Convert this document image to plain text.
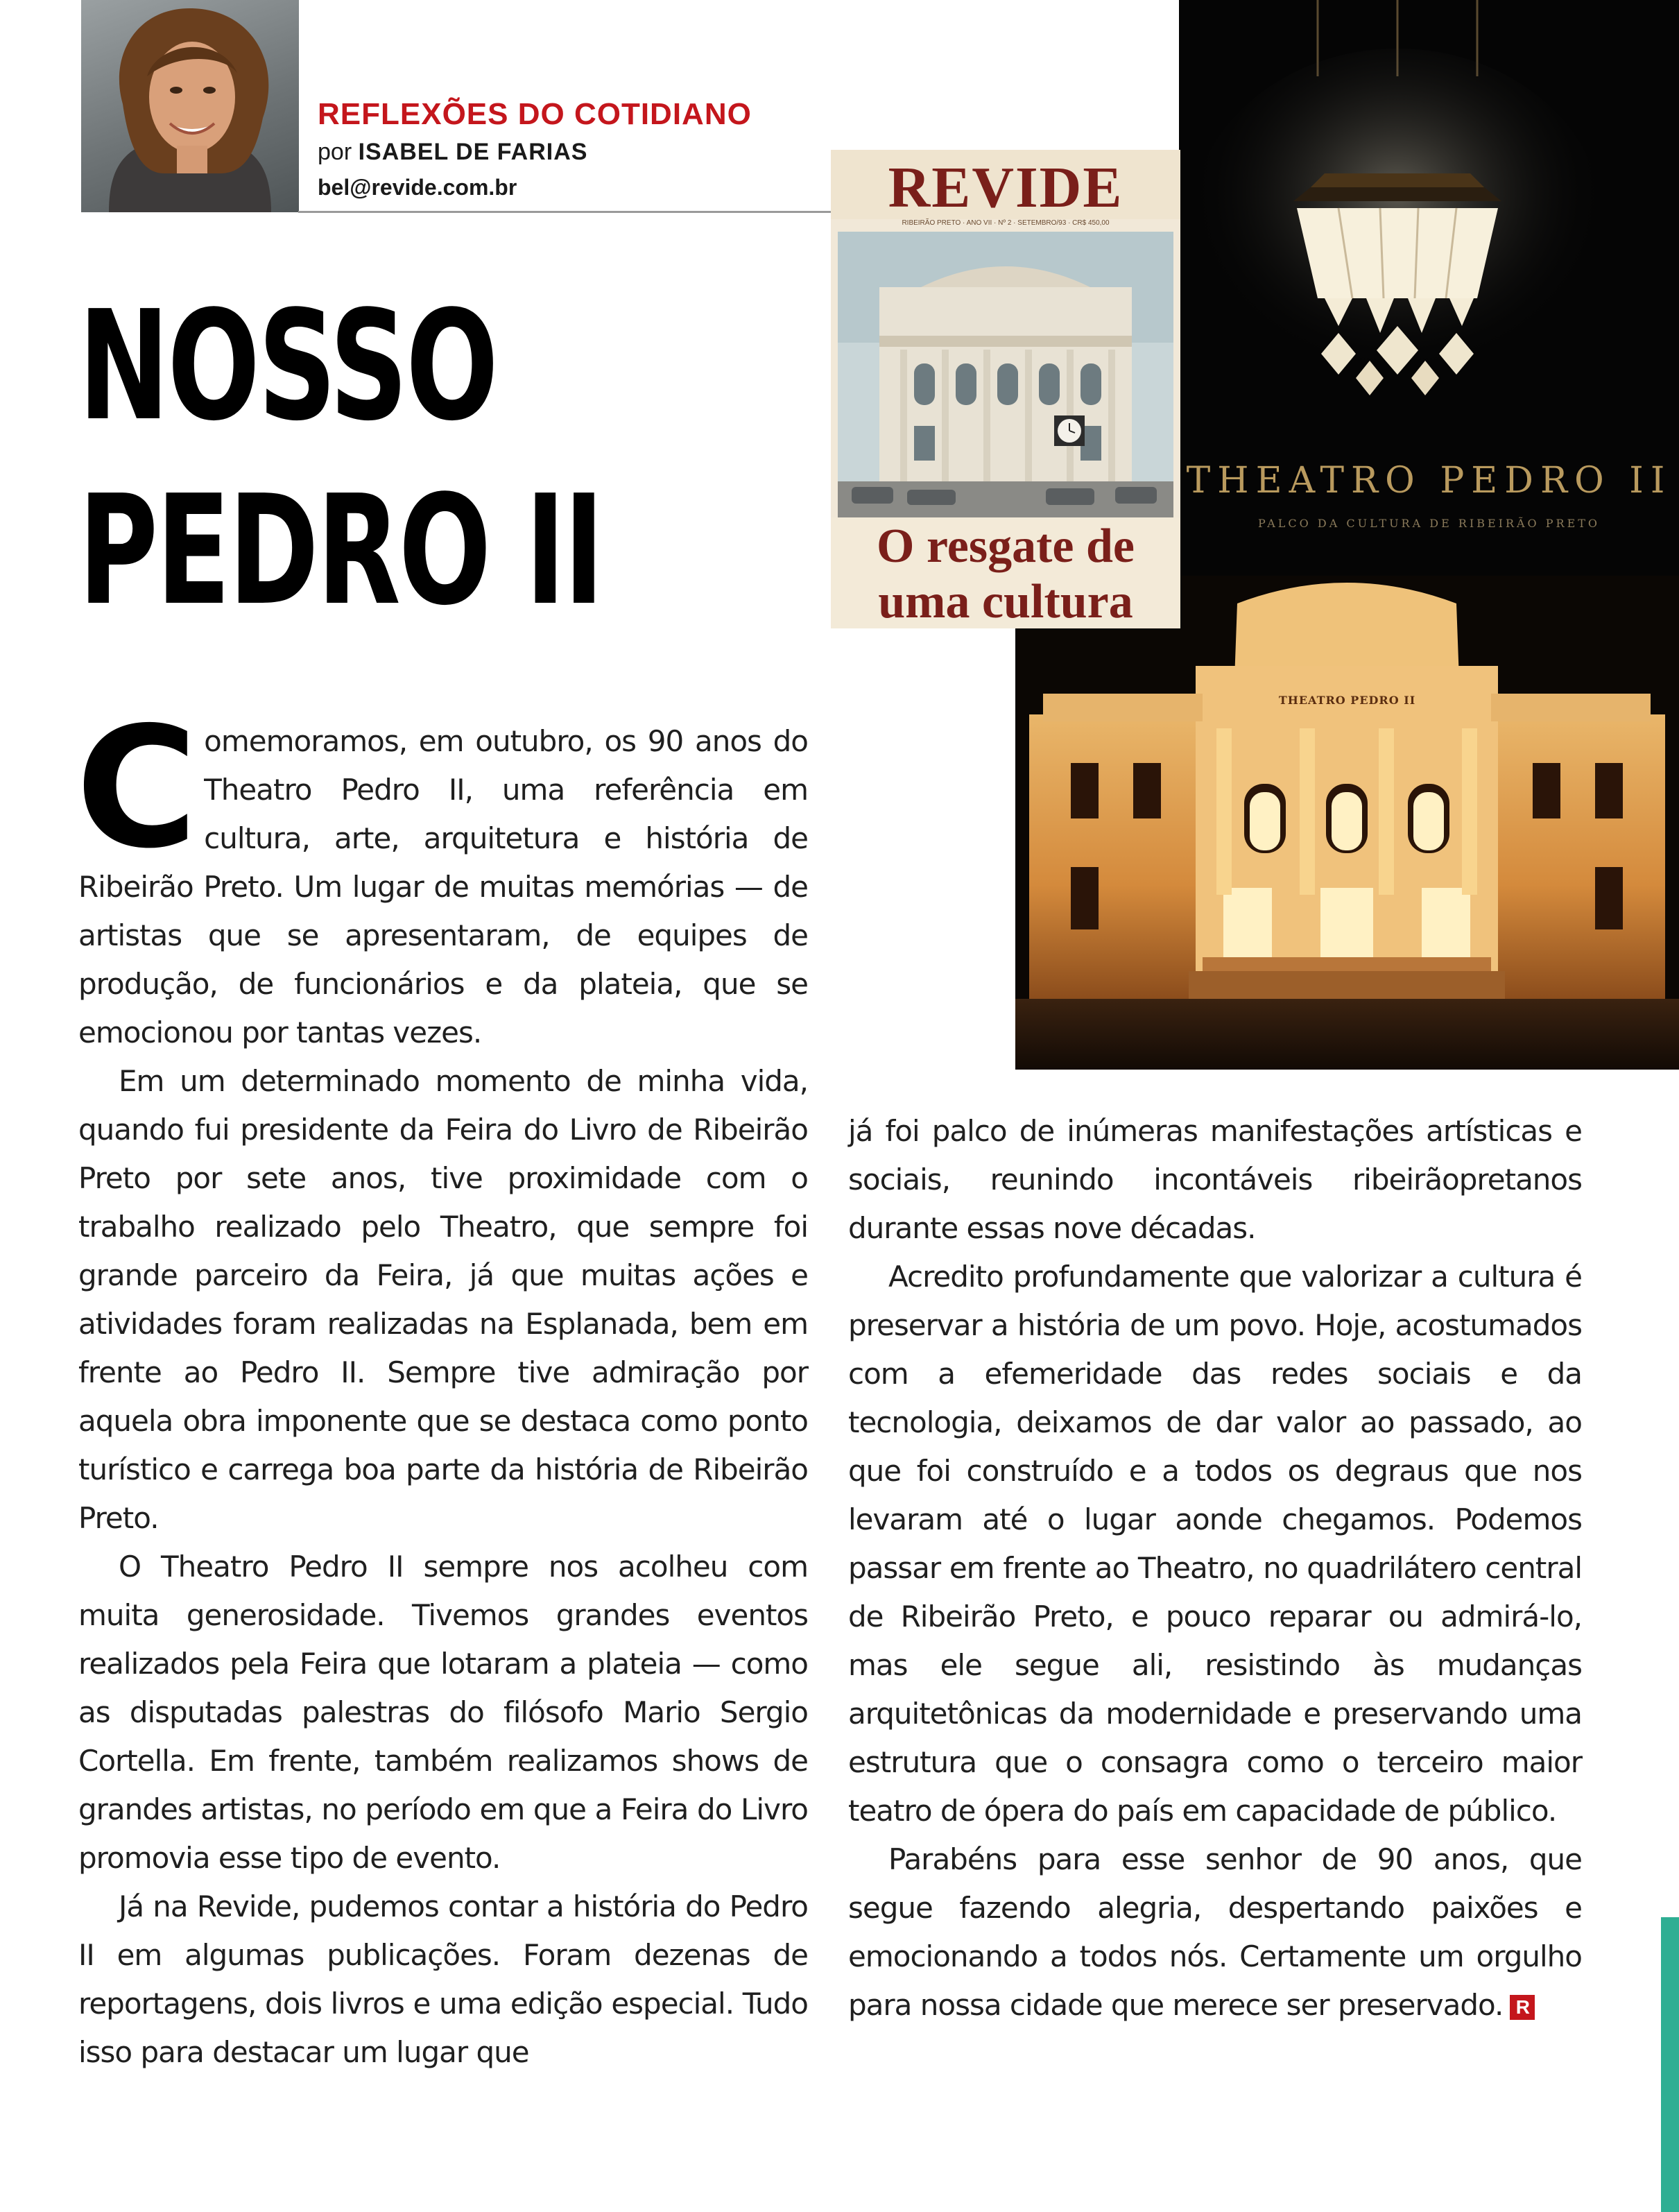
REFLEXÕES DO COTIDIANO
por ISABEL DE FARIAS
bel@revide.com.br
NOSSO
PEDRO II

Comemoramos, em outubro, os 90 anos do Theatro Pedro II, uma referência em cultura, arte, arquitetura e história de Ribeirão Preto. Um lugar de muitas memórias — de artistas que se apresentaram, de equipes de produção, de funcionários e da plateia, que se emocionou por tantas vezes.

Em um determinado momento de minha vida, quando fui presidente da Feira do Livro de Ribeirão Preto por sete anos, tive proximidade com o trabalho realizado pelo Theatro, que sempre foi grande parceiro da Feira, já que muitas ações e atividades foram realizadas na Esplanada, bem em frente ao Pedro II. Sempre tive admiração por aquela obra imponente que se destaca como ponto turístico e carrega boa parte da história de Ribeirão Preto.

O Theatro Pedro II sempre nos acolheu com muita generosidade. Tivemos grandes eventos realizados pela Feira que lotaram a plateia — como as disputadas palestras do filósofo Mario Sergio Cortella. Em frente, também realizamos shows de grandes artistas, no período em que a Feira do Livro promovia esse tipo de evento.

Já na Revide, pudemos contar a história do Pedro II em algumas publicações. Foram dezenas de reportagens, dois livros e uma edição especial. Tudo isso para destacar um lugar que

já foi palco de inúmeras manifestações artísticas e sociais, reunindo incontáveis ribeirãopretanos durante essas nove décadas.

Acredito profundamente que valorizar a cultura é preservar a história de um povo. Hoje, acostumados com a efemeridade das redes sociais e da tecnologia, deixamos de dar valor ao passado, ao que foi construído e a todos os degraus que nos levaram até o lugar aonde chegamos. Podemos passar em frente ao Theatro, no quadrilátero central de Ribeirão Preto, e pouco reparar ou admirá-lo, mas ele segue ali, resistindo às mudanças arquitetônicas da modernidade e preservando uma estrutura que o consagra como o terceiro maior teatro de ópera do país em capacidade de público.

Parabéns para esse senhor de 90 anos, que segue fazendo alegria, despertando paixões e emocionando a todos nós. Certamente um orgulho para nossa cidade que merece ser preservado. R

THEATRO PEDRO II
PALCO DA CULTURA DE RIBEIRÃO PRETO
THEATRO PEDRO II
REVIDE
RIBEIRÃO PRETO · ANO VII · Nº 2 · SETEMBRO/93 · CR$ 450,00
O resgate de
uma cultura
